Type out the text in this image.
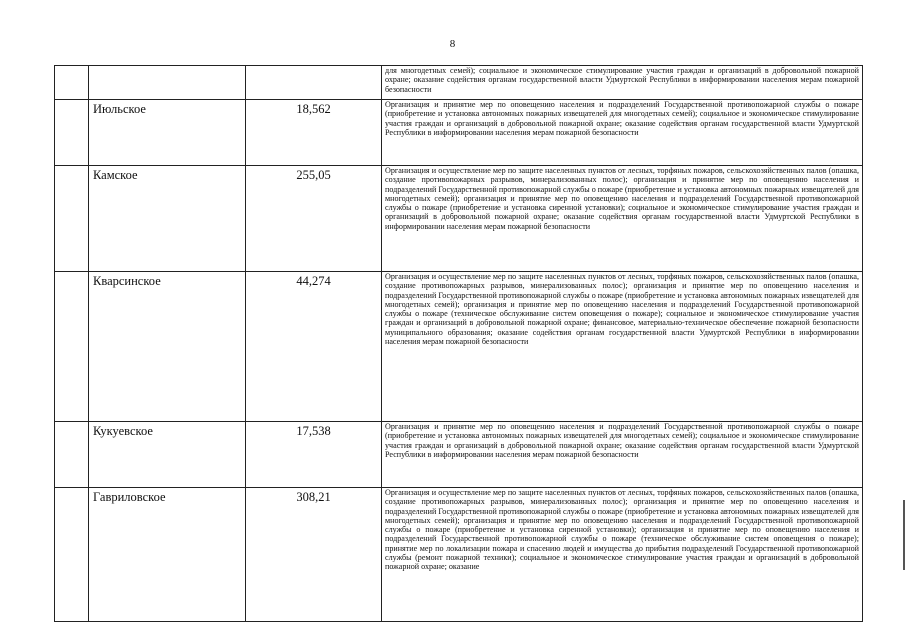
8
			для многодетных семей); социальное и экономическое стимулирование участия граждан и организаций в добровольной пожарной охране; оказание содействия органам государственной власти Удмуртской Республики в информировании населения мерам пожарной безопасности
	Июльское	18,562	Организация и принятие мер по оповещению населения и подразделений Государственной противопожарной службы о пожаре (приобретение и установка автономных пожарных извещателей для многодетных семей); социальное и экономическое стимулирование участия граждан и организаций в добровольной пожарной охране; оказание содействия органам государственной власти Удмуртской Республики в информировании населения мерам пожарной безопасности
	Камское	255,05	Организация и осуществление мер по защите населенных пунктов от лесных, торфяных пожаров, сельскохозяйственных палов (опашка, создание противопожарных разрывов, минерализованных полос); организация и принятие мер по оповещению населения и подразделений Государственной противопожарной службы о пожаре (приобретение и установка автономных пожарных извещателей для многодетных семей); организация и принятие мер по оповещению населения и подразделений Государственной противопожарной службы о пожаре (приобретение и установка сиренной установки); социальное и экономическое стимулирование участия граждан и организаций в добровольной пожарной охране; оказание содействия органам государственной власти Удмуртской Республики в информировании населения мерам пожарной безопасности
	Кварсинское	44,274	Организация и осуществление мер по защите населенных пунктов от лесных, торфяных пожаров, сельскохозяйственных палов (опашка, создание противопожарных разрывов, минерализованных полос); организация и принятие мер по оповещению населения и подразделений Государственной противопожарной службы о пожаре (приобретение и установка автономных пожарных извещателей для многодетных семей); организация и принятие мер по оповещению населения и подразделений Государственной противопожарной службы о пожаре (техническое обслуживание систем оповещения о пожаре); социальное и экономическое стимулирование участия граждан и организаций в добровольной пожарной охране; финансовое, материально-техническое обеспечение пожарной безопасности муниципального образования; оказание содействия органам государственной власти Удмуртской Республики в информировании населения мерам пожарной безопасности
	Кукуевское	17,538	Организация и принятие мер по оповещению населения и подразделений Государственной противопожарной службы о пожаре (приобретение и установка автономных пожарных извещателей для многодетных семей); социальное и экономическое стимулирование участия граждан и организаций в добровольной пожарной охране; оказание содействия органам государственной власти Удмуртской Республики в информировании населения мерам пожарной безопасности
	Гавриловское	308,21	Организация и осуществление мер по защите населенных пунктов от лесных, торфяных пожаров, сельскохозяйственных палов (опашка, создание противопожарных разрывов, минерализованных полос); организация и принятие мер по оповещению населения и подразделений Государственной противопожарной службы о пожаре (приобретение и установка автономных пожарных извещателей для многодетных семей); организация и принятие мер по оповещению населения и подразделений Государственной противопожарной службы о пожаре (приобретение и установка сиренной установки); организация и принятие мер по оповещению населения и подразделений Государственной противопожарной службы о пожаре (техническое обслуживание систем оповещения о пожаре); принятие мер по локализации пожара и спасению людей и имущества до прибытия подразделений Государственной противопожарной службы (ремонт пожарной техники); социальное и экономическое стимулирование участия граждан и организаций в добровольной пожарной охране; оказание
